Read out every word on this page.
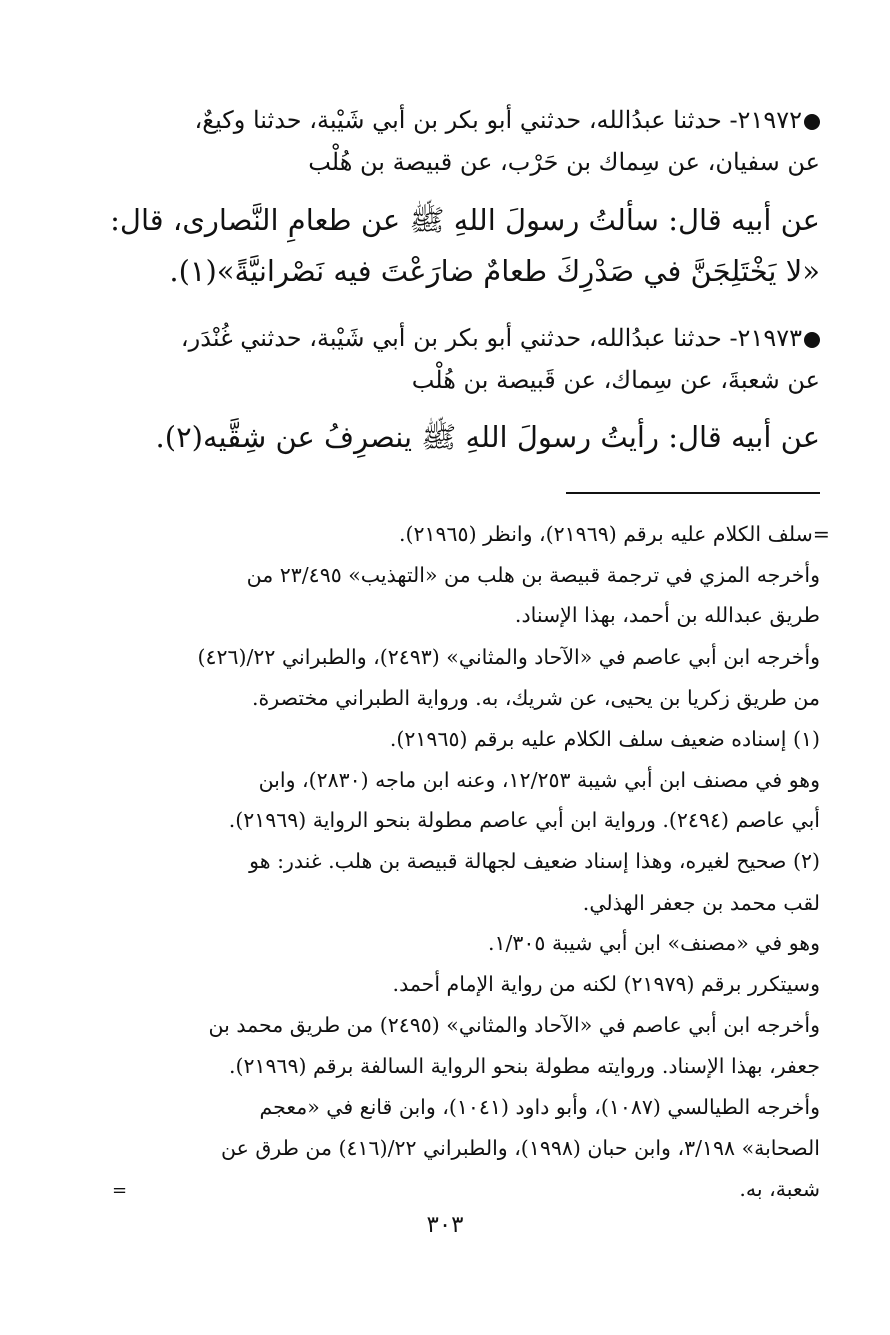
٢١٩٧٢- حدثنا عبدُالله، حدثني أبو بكر بن أبي شَيْبة، حدثنا وكيعٌ،
عن سفيان، عن سِماك بن حَرْب، عن قبيصة بن هُلْب
عن أبيه قال: سألتُ رسولَ اللهِ ﷺ عن طعامِ النَّصارى، قال:
«لا يَخْتَلِجَنَّ في صَدْرِكَ طعامٌ ضارَعْتَ فيه نَصْرانيَّةً»(١).
٢١٩٧٣- حدثنا عبدُالله، حدثني أبو بكر بن أبي شَيْبة، حدثني غُنْدَر،
عن شعبةَ، عن سِماك، عن قَبيصة بن هُلْب
عن أبيه قال: رأيتُ رسولَ اللهِ ﷺ ينصرِفُ عن شِقَّيه(٢).
=سلف الكلام عليه برقم (٢١٩٦٩)، وانظر (٢١٩٦٥).
وأخرجه المزي في ترجمة قبيصة بن هلب من «التهذيب» ٢٣/٤٩٥ من
طريق عبدالله بن أحمد، بهذا الإسناد.
وأخرجه ابن أبي عاصم في «الآحاد والمثاني» (٢٤٩٣)، والطبراني ٢٢/(٤٢٦)
من طريق زكريا بن يحيى، عن شريك، به. ورواية الطبراني مختصرة.
(١) إسناده ضعيف سلف الكلام عليه برقم (٢١٩٦٥).
وهو في مصنف ابن أبي شيبة ١٢/٢٥٣، وعنه ابن ماجه (٢٨٣٠)، وابن
أبي عاصم (٢٤٩٤). ورواية ابن أبي عاصم مطولة بنحو الرواية (٢١٩٦٩).
(٢) صحيح لغيره، وهذا إسناد ضعيف لجهالة قبيصة بن هلب. غندر: هو
لقب محمد بن جعفر الهذلي.
وهو في «مصنف» ابن أبي شيبة ١/٣٠٥.
وسيتكرر برقم (٢١٩٧٩) لكنه من رواية الإمام أحمد.
وأخرجه ابن أبي عاصم في «الآحاد والمثاني» (٢٤٩٥) من طريق محمد بن
جعفر، بهذا الإسناد. وروايته مطولة بنحو الرواية السالفة برقم (٢١٩٦٩).
وأخرجه الطيالسي (١٠٨٧)، وأبو داود (١٠٤١)، وابن قانع في «معجم
الصحابة» ٣/١٩٨، وابن حبان (١٩٩٨)، والطبراني ٢٢/(٤١٦) من طرق عن
شعبة، به.
=
٣٠٣
